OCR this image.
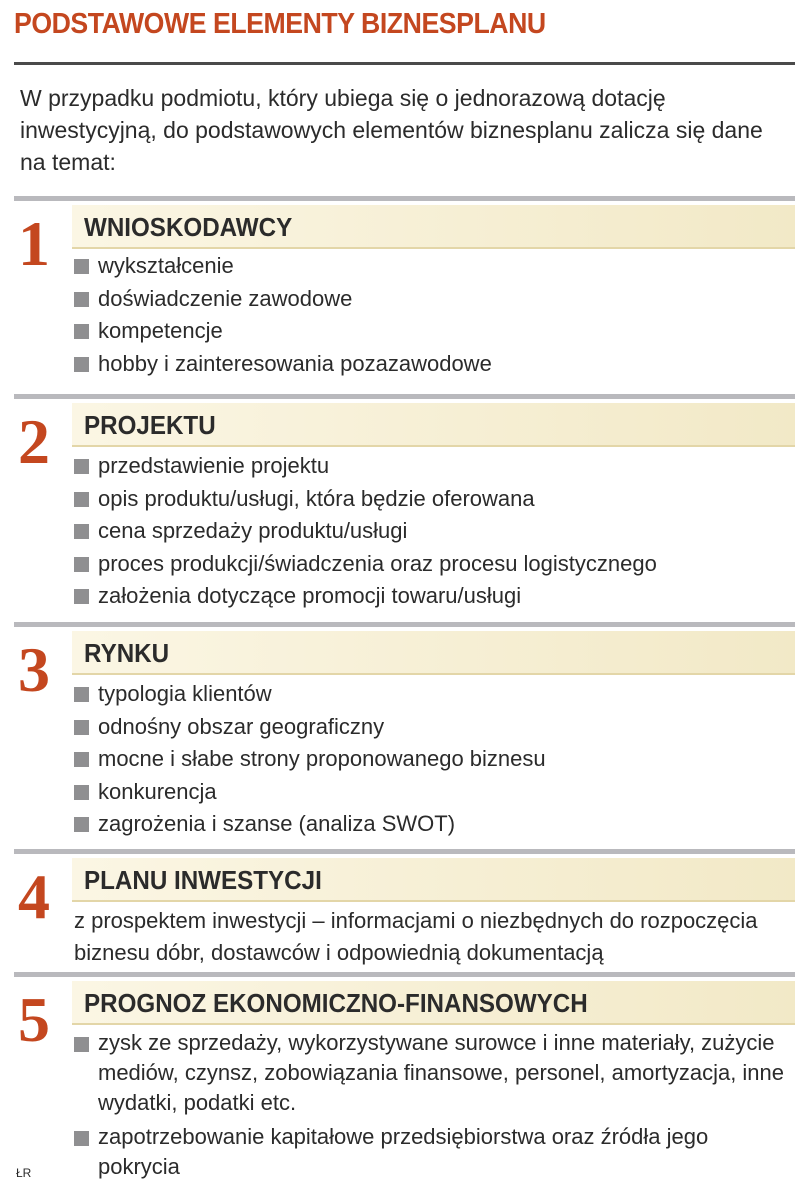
PODSTAWOWE ELEMENTY BIZNESPLANU

W przypadku podmiotu, który ubiega się o jednorazową dotację inwestycyjną, do podstawowych elementów biznesplanu zalicza się dane na temat:

1 WNIOSKODAWCY
wykształcenie
doświadczenie zawodowe
kompetencje
hobby i zainteresowania pozazawodowe
2 PROJEKTU
przedstawienie projektu
opis produktu/usługi, która będzie oferowana
cena sprzedaży produktu/usługi
proces produkcji/świadczenia oraz procesu logistycznego
założenia dotyczące promocji towaru/usługi
3 RYNKU
typologia klientów
odnośny obszar geograficzny
mocne i słabe strony proponowanego biznesu
konkurencja
zagrożenia i szanse (analiza SWOT)
4 PLANU INWESTYCJI

z prospektem inwestycji – informacjami o niezbędnych do rozpoczęcia biznesu dóbr, dostawców i odpowiednią dokumentacją

5 PROGNOZ EKONOMICZNO-FINANSOWYCH
zysk ze sprzedaży, wykorzystywane surowce i inne materiały, zużycie mediów, czynsz, zobowiązania finansowe, personel, amortyzacja, inne wydatki, podatki etc.
zapotrzebowanie kapitałowe przedsiębiorstwa oraz źródła jego pokrycia
ŁR
